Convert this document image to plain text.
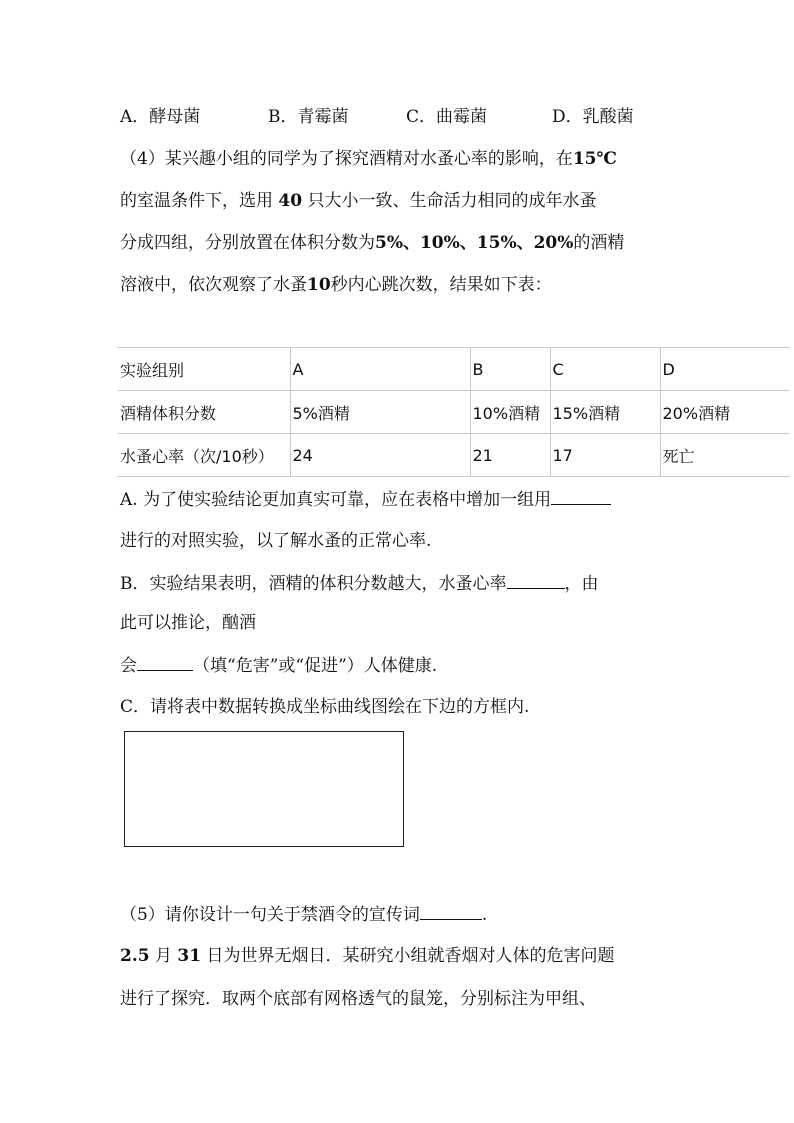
A．酵母菌	B．青霉菌	C．曲霉菌	D．乳酸菌
（4）某兴趣小组的同学为了探究酒精对水蚤心率的影响，在15℃
的室温条件下，选用 40 只大小一致、生命活力相同的成年水蚤
分成四组，分别放置在体积分数为5%、10%、15%、20%的酒精
溶液中，依次观察了水蚤10秒内心跳次数，结果如下表：
实验组别	A	B	C	D
酒精体积分数	5%酒精	10%酒精	15%酒精	20%酒精
水蚤心率（次/10秒）	24	21	17	死亡
A. 为了使实验结论更加真实可靠，应在表格中增加一组用
进行的对照实验，以了解水蚤的正常心率.
B．实验结果表明，酒精的体积分数越大，水蚤心率	，由
此可以推论，酗酒
会	（填“危害”或“促进”）人体健康.
C．请将表中数据转换成坐标曲线图绘在下边的方框内.
（5）请你设计一句关于禁酒令的宣传词	.
2.5 月 31 日为世界无烟日．某研究小组就香烟对人体的危害问题
进行了探究．取两个底部有网格透气的鼠笼，分别标注为甲组、
